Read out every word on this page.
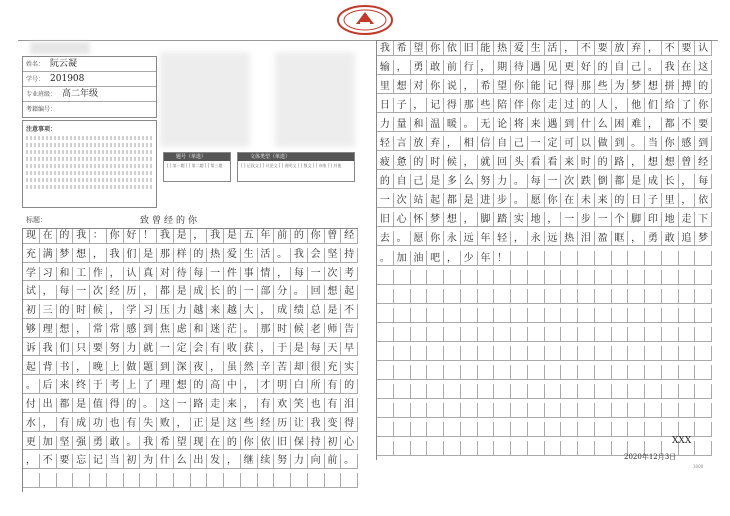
姓名： 阮云凝
学号： 201908
专业班级： 高二年级
考籍编号：
注意事项：
题号（单选）
[ ] 第一题 [ ] 第二题 [ ] 第三题
文体类型（单选）
[ ] 记叙文 [ ] 议论文 [ ] 说明文 [ ] 散文 [ ] 诗歌 [ ] 其他
标题：	致曾经的你
现 在 的 我 ： 你 好 ！ 我 是 ， 我 是 五 年 前 的 你 曾 经
充 满 梦 想 ， 我 们 是 那 样 的 热 爱 生 活 。 我 会 坚 持
学 习 和 工 作 ， 认 真 对 待 每 一 件 事 情 ， 每 一 次 考
试 ， 每 一 次 经 历 ， 都 是 成 长 的 一 部 分 。 回 想 起
初 三 的 时 候 ， 学 习 压 力 越 来 越 大 ， 成 绩 总 是 不
够 理 想 ， 常 常 感 到 焦 虑 和 迷 茫 。 那 时 候 老 师 告
诉 我 们 只 要 努 力 就 一 定 会 有 收 获 ， 于 是 每 天 早
起 背 书 ， 晚 上 做 题 到 深 夜 ， 虽 然 辛 苦 却 很 充 实
。 后 来 终 于 考 上 了 理 想 的 高 中 ， 才 明 白 所 有 的
付 出 都 是 值 得 的 。 这 一 路 走 来 ， 有 欢 笑 也 有 泪
水 ， 有 成 功 也 有 失 败 ， 正 是 这 些 经 历 让 我 变 得
更 加 坚 强 勇 敢 。 我 希 望 现 在 的 你 依 旧 保 持 初 心
， 不 要 忘 记 当 初 为 什 么 出 发 ， 继 续 努 力 向 前 。
我 希 望 你 依 旧 能 热 爱 生 活 ， 不 要 放 弃 ， 不 要 认
输 ， 勇 敢 前 行 ， 期 待 遇 见 更 好 的 自 己 。 我 在 这
里 想 对 你 说 ， 希 望 你 能 记 得 那 些 为 梦 想 拼 搏 的
日 子 ， 记 得 那 些 陪 伴 你 走 过 的 人 ， 他 们 给 了 你
力 量 和 温 暖 。 无 论 将 来 遇 到 什 么 困 难 ， 都 不 要
轻 言 放 弃 ， 相 信 自 己 一 定 可 以 做 到 。 当 你 感 到
疲 惫 的 时 候 ， 就 回 头 看 看 来 时 的 路 ， 想 想 曾 经
的 自 己 是 多 么 努 力 。 每 一 次 跌 倒 都 是 成 长 ， 每
一 次 站 起 都 是 进 步 。 愿 你 在 未 来 的 日 子 里 ， 依
旧 心 怀 梦 想 ， 脚 踏 实 地 ， 一 步 一 个 脚 印 地 走 下
去 。 愿 你 永 远 年 轻 ， 永 远 热 泪 盈 眶 ， 勇 敢 追 梦
。 加 油 吧 ， 少 年 ！
XXX
2020年12月3日
1000
